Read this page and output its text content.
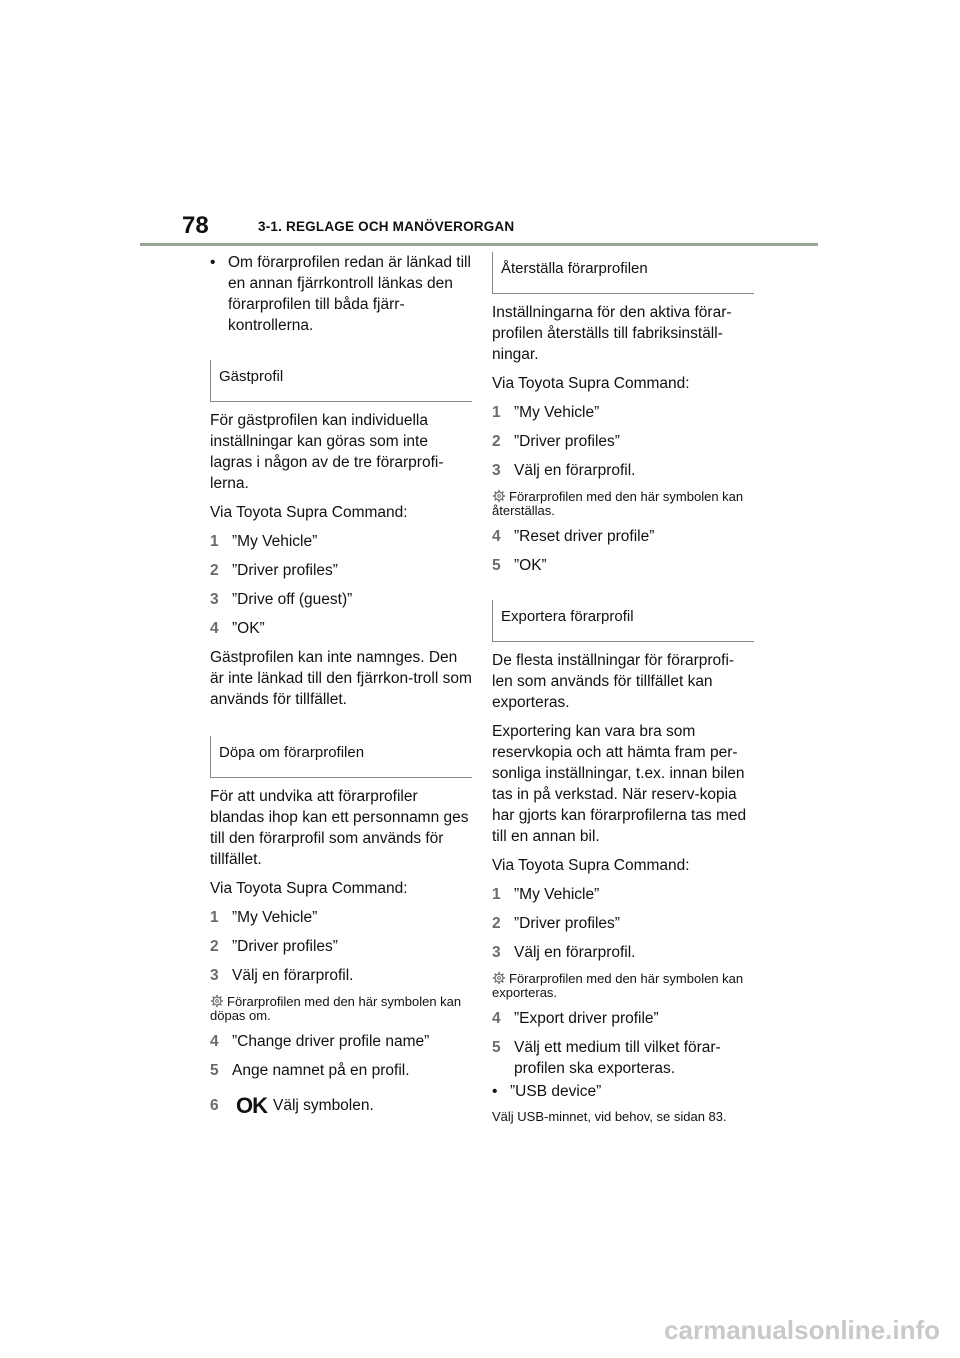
78	3-1. REGLAGE OCH MANÖVERORGAN
• Om förarprofilen redan är länkad till en annan fjärrkontroll länkas den förarprofilen till båda fjärr-kontrollerna.
Gästprofil

För gästprofilen kan individuella inställningar kan göras som inte lagras i någon av de tre förarprofi-lerna.

Via Toyota Supra Command:

1 ”My Vehicle”
2 ”Driver profiles”
3 ”Drive off (guest)”
4 ”OK”

Gästprofilen kan inte namnges. Den är inte länkad till den fjärrkon-troll som används för tillfället.

Döpa om förarprofilen

För att undvika att förarprofiler blandas ihop kan ett personnamn ges till den förarprofil som används för tillfället.

Via Toyota Supra Command:

1 ”My Vehicle”
2 ”Driver profiles”
3 Välj en förarprofil.

Förarprofilen med den här symbolen kan döpas om.

4 ”Change driver profile name”
5 Ange namnet på en profil.
6 OK Välj symbolen.
Återställa förarprofilen

Inställningarna för den aktiva förar-profilen återställs till fabriksinställ-ningar.

Via Toyota Supra Command:

1 ”My Vehicle”
2 ”Driver profiles”
3 Välj en förarprofil.

Förarprofilen med den här symbolen kan återställas.

4 ”Reset driver profile”
5 ”OK”
Exportera förarprofil

De flesta inställningar för förarprofi-len som används för tillfället kan exporteras.

Exportering kan vara bra som reservkopia och att hämta fram per-sonliga inställningar, t.ex. innan bilen tas in på verkstad. När reserv-kopia har gjorts kan förarprofilerna tas med till en annan bil.

Via Toyota Supra Command:

1 ”My Vehicle”
2 ”Driver profiles”
3 Välj en förarprofil.

Förarprofilen med den här symbolen kan exporteras.

4 ”Export driver profile”
5 Välj ett medium till vilket förar-profilen ska exporteras.
• ”USB device”

Välj USB-minnet, vid behov, se sidan 83.

carmanualsonline.info
